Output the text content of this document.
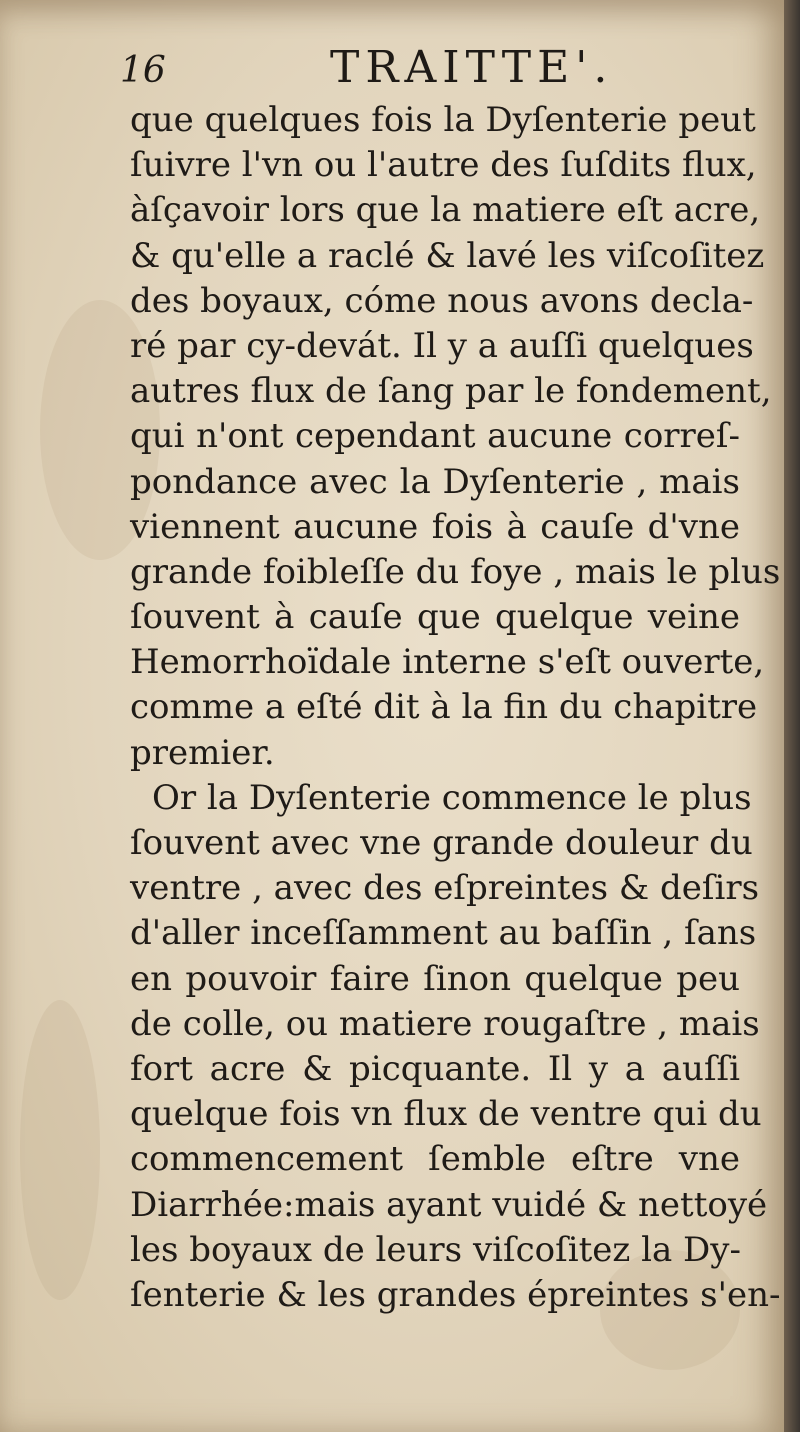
16	TRAITTE'.
que quelques fois la Dyſenterie peut
ſuivre l'vn ou l'autre des ſuſdits flux,
àſçavoir lors que la matiere eſt acre,
& qu'elle a raclé & lavé les viſcoſitez
des boyaux, cóme nous avons decla-
ré par cy-devát. Il y a auſſi quelques
autres flux de ſang par le fondement,
qui n'ont cependant aucune correſ-
pondance avec la Dyſenterie , mais
viennent aucune fois à cauſe d'vne
grande foibleſſe du foye , mais le plus
ſouvent à cauſe que quelque veine
Hemorrhoïdale interne s'eſt ouverte,
comme a eſté dit à la fin du chapitre
premier.
Or la Dyſenterie commence le plus
ſouvent avec vne grande douleur du
ventre , avec des eſpreintes & deſirs
d'aller inceſſamment au baſſin , ſans
en pouvoir faire ſinon quelque peu
de colle, ou matiere rougaſtre , mais
fort acre & picquante. Il y a auſſi
quelque fois vn flux de ventre qui du
commencement ſemble eſtre vne
Diarrhée:mais ayant vuidé & nettoyé
les boyaux de leurs viſcoſitez la Dy-
ſenterie & les grandes épreintes s'en-
